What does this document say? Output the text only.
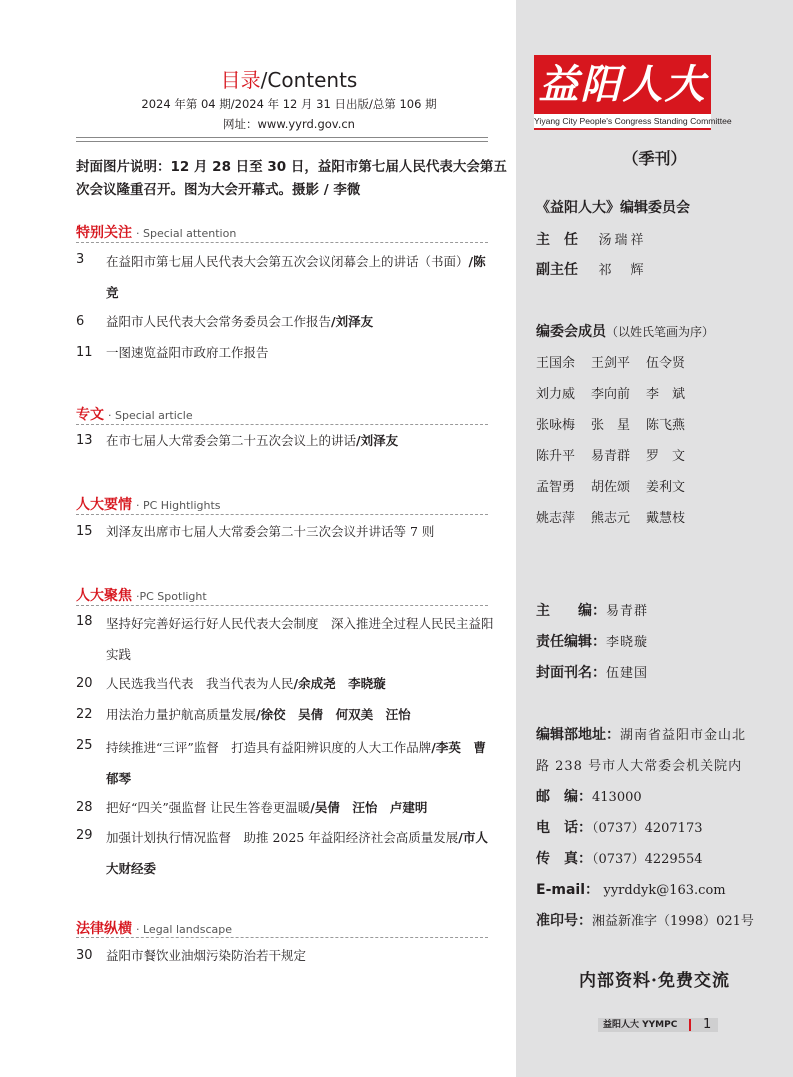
益阳人大
Yiyang City People's Congress Standing Committee
（季刊）
《益阳人大》编辑委员会
主　任 汤瑞祥
副主任 祁　辉
编委会成员（以姓氏笔画为序）
王国余 王剑平 伍令贤
刘力威 李向前 李　斌
张咏梅 张　星 陈飞燕
陈升平 易青群 罗　文
孟智勇 胡佐颂 姜利文
姚志萍 熊志元 戴慧枝
主　　编：易青群
责任编辑：李晓璇
封面刊名：伍建国
编辑部地址：湖南省益阳市金山北
路 238 号市人大常委会机关院内
邮　编：413000
电　话：（0737）4207173
传　真：（0737）4229554
E-mail： yyrddyk@163.com
准印号：湘益新准字（1998）021号
内部资料·免费交流
益阳人大 YYMPC 1
目录/Contents
2024 年第 04 期/2024 年 12 月 31 日出版/总第 106 期
网址：www.yyrd.gov.cn
封面图片说明：12 月 28 日至 30 日，益阳市第七届人民代表大会第五次会议隆重召开。图为大会开幕式。摄影 / 李微
特别关注 · Special attention
3	在益阳市第七届人民代表大会第五次会议闭幕会上的讲话（书面）/陈竞
6	益阳市人民代表大会常务委员会工作报告/刘泽友
11	一图速览益阳市政府工作报告
专文 · Special article
13	在市七届人大常委会第二十五次会议上的讲话/刘泽友
人大要情 · PC Hightlights
15	刘泽友出席市七届人大常委会第二十三次会议并讲话等 7 则
人大聚焦 ·PC Spotlight
18	坚持好完善好运行好人民代表大会制度　深入推进全过程人民民主益阳实践
20	人民选我当代表　我当代表为人民/余成尧　李晓璇
22	用法治力量护航高质量发展/徐佼　吴倩　何双美　汪怡
25	持续推进“三评”监督　打造具有益阳辨识度的人大工作品牌/李英　曹郁琴
28	把好“四关”强监督 让民生答卷更温暖/吴倩　汪怡　卢建明
29	加强计划执行情况监督　助推 2025 年益阳经济社会高质量发展/市人大财经委
法律纵横 · Legal landscape
30	益阳市餐饮业油烟污染防治若干规定
